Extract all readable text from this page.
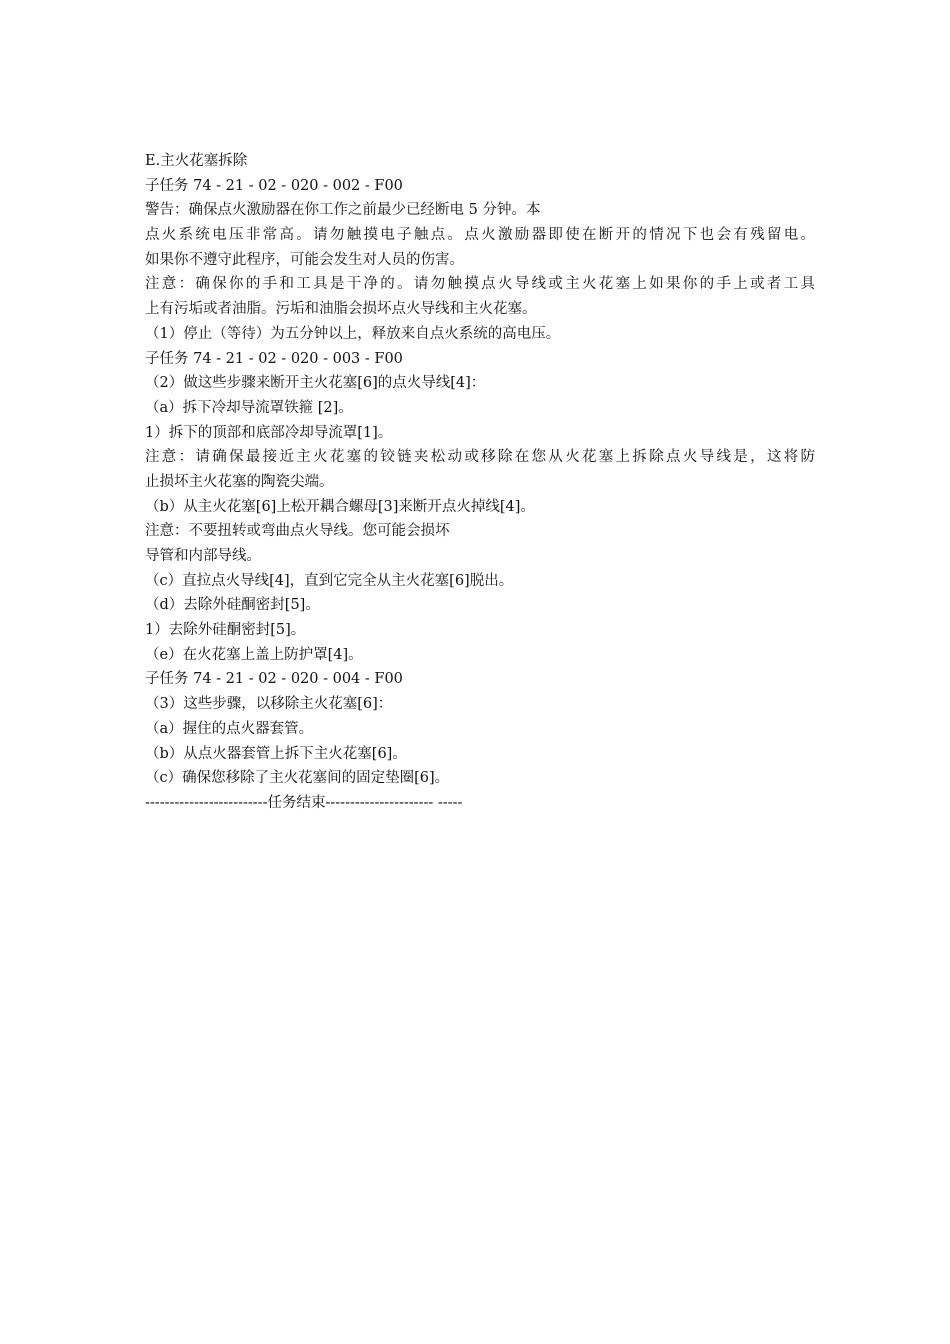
E.主火花塞拆除
子任务 74 - 21 - 02 - 020 - 002 - F00
警告：确保点火激励器在你工作之前最少已经断电 5 分钟。本
点火系统电压非常高。请勿触摸电子触点。点火激励器即使在断开的情况下也会有残留电。
如果你不遵守此程序，可能会发生对人员的伤害。
注意：确保你的手和工具是干净的。请勿触摸点火导线或主火花塞上如果你的手上或者工具
上有污垢或者油脂。污垢和油脂会损坏点火导线和主火花塞。
（1）停止（等待）为五分钟以上，释放来自点火系统的高电压。
子任务 74 - 21 - 02 - 020 - 003 - F00
（2）做这些步骤来断开主火花塞[6]的点火导线[4]：
（a）拆下冷却导流罩铁箍 [2]。
1）拆下的顶部和底部冷却导流罩[1]。
注意：请确保最接近主火花塞的铰链夹松动或移除在您从火花塞上拆除点火导线是，这将防
止损坏主火花塞的陶瓷尖端。
（b）从主火花塞[6]上松开耦合螺母[3]来断开点火掉线[4]。
注意：不要扭转或弯曲点火导线。您可能会损坏
导管和内部导线。
（c）直拉点火导线[4]，直到它完全从主火花塞[6]脱出。
（d）去除外硅酮密封[5]。
1）去除外硅酮密封[5]。
（e）在火花塞上盖上防护罩[4]。
子任务 74 - 21 - 02 - 020 - 004 - F00
（3）这些步骤，以移除主火花塞[6]：
（a）握住的点火器套管。
（b）从点火器套管上拆下主火花塞[6]。
（c）确保您移除了主火花塞间的固定垫圈[6]。
-------------------------任务结束---------------------- -----
